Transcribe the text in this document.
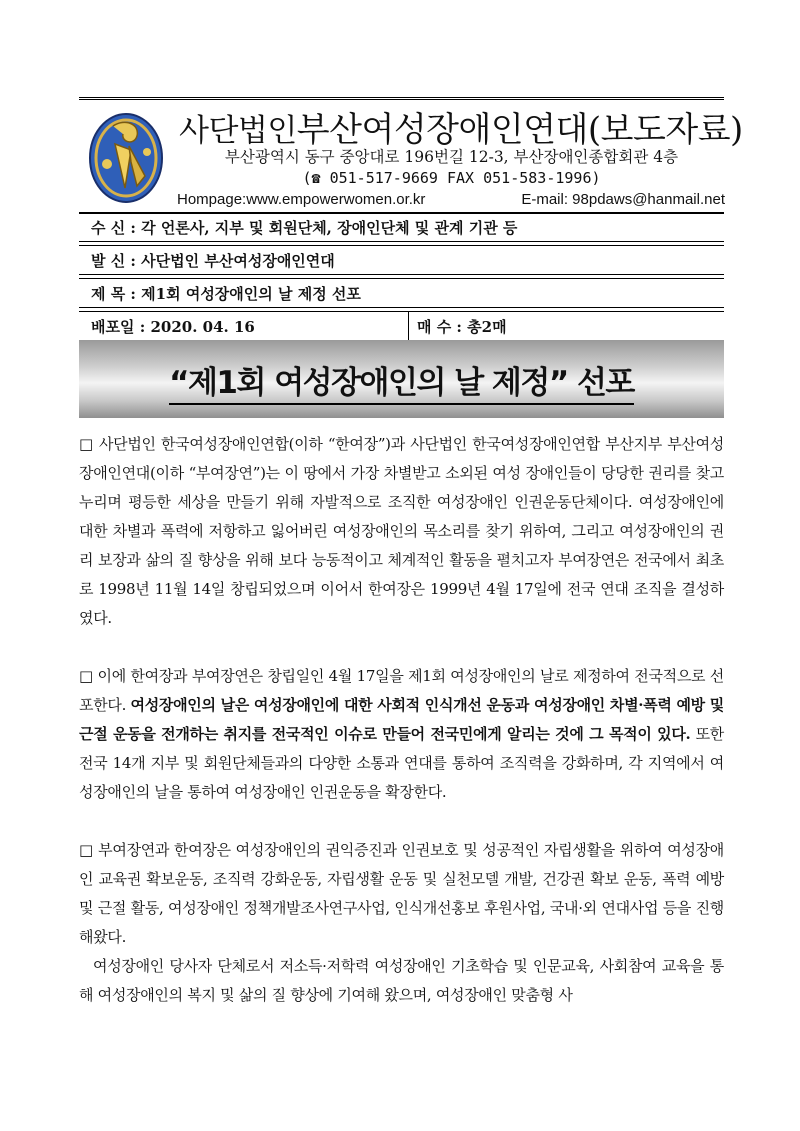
사단법인부산여성장애인연대(보도자료)
부산광역시 동구 중앙대로 196번길 12-3, 부산장애인종합회관 4층
(☎ 051-517-9669 FAX 051-583-1996)
Hompage:www.empowerwomen.or.kr	E-mail: 98pdaws@hanmail.net
수 신 : 각 언론사, 지부 및 회원단체, 장애인단체 및 관계 기관 등
발 신 : 사단법인 부산여성장애인연대
제 목 : 제1회 여성장애인의 날 제정 선포
배포일 : 2020. 04. 16	매 수 : 총2매
“제1회 여성장애인의 날 제정” 선포

□ 사단법인 한국여성장애인연합(이하 “한여장”)과 사단법인 한국여성장애인연합 부산지부 부산여성장애인연대(이하 “부여장연”)는 이 땅에서 가장 차별받고 소외된 여성 장애인들이 당당한 권리를 찾고 누리며 평등한 세상을 만들기 위해 자발적으로 조직한 여성장애인 인권운동단체이다. 여성장애인에 대한 차별과 폭력에 저항하고 잃어버린 여성장애인의 목소리를 찾기 위하여, 그리고 여성장애인의 권리 보장과 삶의 질 향상을 위해 보다 능동적이고 체계적인 활동을 펼치고자 부여장연은 전국에서 최초로 1998년 11월 14일 창립되었으며 이어서 한여장은 1999년 4월 17일에 전국 연대 조직을 결성하였다.

□ 이에 한여장과 부여장연은 창립일인 4월 17일을 제1회 여성장애인의 날로 제정하여 전국적으로 선포한다. 여성장애인의 날은 여성장애인에 대한 사회적 인식개선 운동과 여성장애인 차별·폭력 예방 및 근절 운동을 전개하는 취지를 전국적인 이슈로 만들어 전국민에게 알리는 것에 그 목적이 있다. 또한 전국 14개 지부 및 회원단체들과의 다양한 소통과 연대를 통하여 조직력을 강화하며, 각 지역에서 여성장애인의 날을 통하여 여성장애인 인권운동을 확장한다.

□ 부여장연과 한여장은 여성장애인의 권익증진과 인권보호 및 성공적인 자립생활을 위하여 여성장애인 교육권 확보운동, 조직력 강화운동, 자립생활 운동 및 실천모델 개발, 건강권 확보 운동, 폭력 예방 및 근절 활동, 여성장애인 정책개발조사연구사업, 인식개선홍보 후원사업, 국내·외 연대사업 등을 진행해왔다.

여성장애인 당사자 단체로서 저소득·저학력 여성장애인 기초학습 및 인문교육, 사회참여 교육을 통해 여성장애인의 복지 및 삶의 질 향상에 기여해 왔으며, 여성장애인 맞춤형 사
